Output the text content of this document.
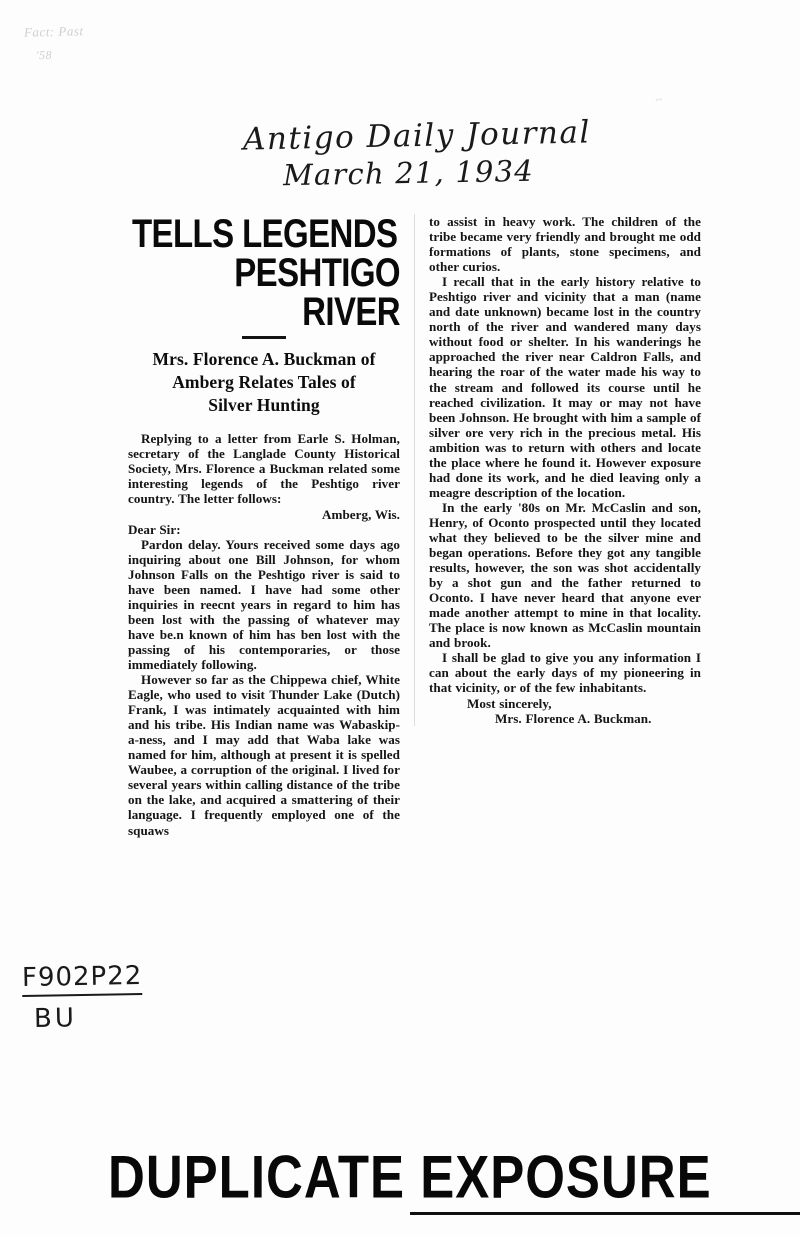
Fact: Past
'58
~
Antigo Daily Journal
March 21, 1934
TELLS LEGENDS
PESHTIGO RIVER
Mrs. Florence A. Buckman of
Amberg Relates Tales of
Silver Hunting

Replying to a letter from Earle S. Holman, secretary of the Langlade County Historical Society, Mrs. Florence a Buckman related some interesting legends of the Peshtigo river country. The letter follows:

Amberg, Wis.

Dear Sir:

Pardon delay. Yours received some days ago inquiring about one Bill Johnson, for whom Johnson Falls on the Peshtigo river is said to have been named. I have had some other inquiries in reecnt years in regard to him has been lost with the passing of whatever may have be.n known of him has ben lost with the passing of his contemporaries, or those immediately following.

However so far as the Chippewa chief, White Eagle, who used to visit Thunder Lake (Dutch) Frank, I was intimately acquainted with him and his tribe. His Indian name was Wabaskip-a-ness, and I may add that Waba lake was named for him, although at present it is spelled Waubee, a corruption of the original. I lived for several years within calling distance of the tribe on the lake, and acquired a smattering of their language. I frequently employed one of the squaws

to assist in heavy work. The children of the tribe became very friendly and brought me odd formations of plants, stone specimens, and other curios.

I recall that in the early history relative to Peshtigo river and vicinity that a man (name and date unknown) became lost in the country north of the river and wandered many days without food or shelter. In his wanderings he approached the river near Caldron Falls, and hearing the roar of the water made his way to the stream and followed its course until he reached civilization. It may or may not have been Johnson. He brought with him a sample of silver ore very rich in the precious metal. His ambition was to return with others and locate the place where he found it. However exposure had done its work, and he died leaving only a meagre description of the location.

In the early '80s on Mr. McCaslin and son, Henry, of Oconto prospected until they located what they believed to be the silver mine and began operations. Before they got any tangible results, however, the son was shot accidentally by a shot gun and the father returned to Oconto. I have never heard that anyone ever made another attempt to mine in that locality. The place is now known as McCaslin mountain and brook.

I shall be glad to give you any information I can about the early days of my pioneering in that vicinity, or of the few inhabitants.

Most sincerely,

Mrs. Florence A. Buckman.

F902P22
BU
DUPLICATE EXPOSURE
